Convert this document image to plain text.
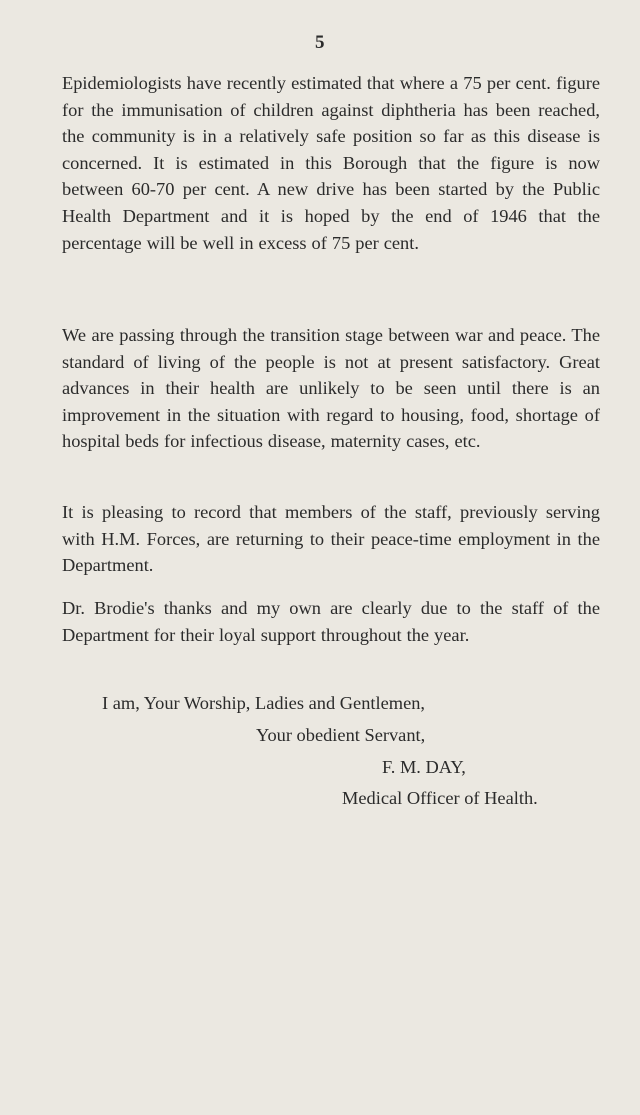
5

Epidemiologists have recently estimated that where a 75 per cent. figure for the immunisation of children against diphtheria has been reached, the community is in a relatively safe position so far as this disease is concerned. It is estimated in this Borough that the figure is now between 60-70 per cent. A new drive has been started by the Public Health Department and it is hoped by the end of 1946 that the percentage will be well in excess of 75 per cent.

We are passing through the transition stage between war and peace. The standard of living of the people is not at present satisfactory. Great advances in their health are unlikely to be seen until there is an improvement in the situation with regard to housing, food, shortage of hospital beds for infectious disease, maternity cases, etc.

It is pleasing to record that members of the staff, previously serving with H.M. Forces, are returning to their peace-time employment in the Department.

Dr. Brodie's thanks and my own are clearly due to the staff of the Department for their loyal support throughout the year.

I am, Your Worship, Ladies and Gentlemen,

Your obedient Servant,

F. M. DAY,

Medical Officer of Health.
